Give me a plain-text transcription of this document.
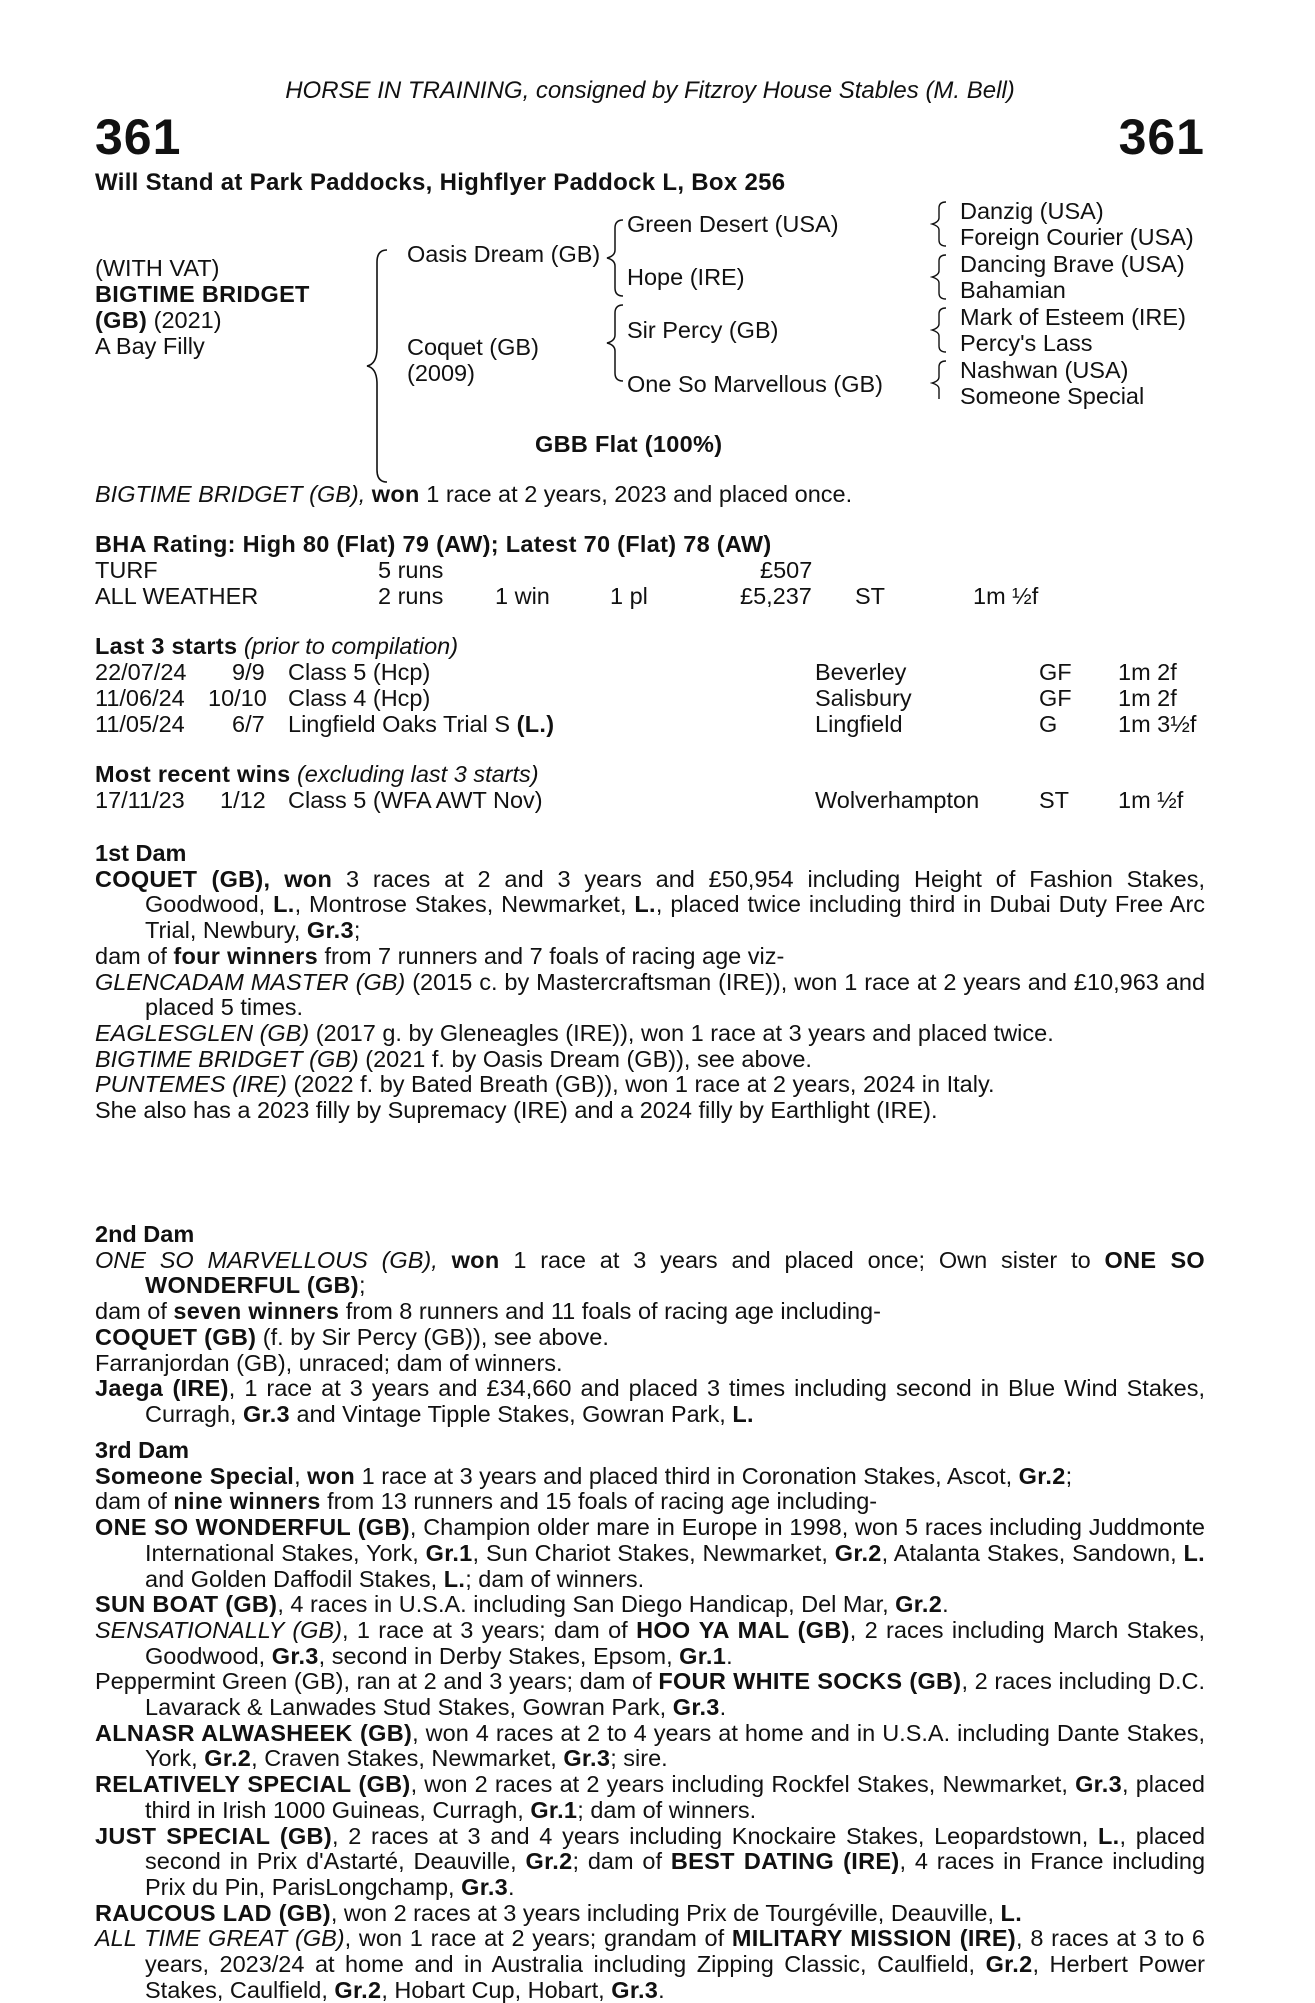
HORSE IN TRAINING, consigned by Fitzroy House Stables (M. Bell)
361	361
Will Stand at Park Paddocks, Highflyer Paddock L, Box 256
(WITH VAT)
BIGTIME BRIDGET
(GB) (2021)
A Bay Filly
Oasis Dream (GB)
Coquet (GB)
(2009)
Green Desert (USA)
Hope (IRE)
Sir Percy (GB)
One So Marvellous (GB)
Danzig (USA)
Foreign Courier (USA)
Dancing Brave (USA)
Bahamian
Mark of Esteem (IRE)
Percy's Lass
Nashwan (USA)
Someone Special
GBB Flat (100%)
BIGTIME BRIDGET (GB), won 1 race at 2 years, 2023 and placed once.
BHA Rating: High 80 (Flat) 79 (AW); Latest 70 (Flat) 78 (AW)
TURF	5 runs	£507
ALL WEATHER	2 runs 1 win	1 pl	£5,237 ST	1m ½f
Last 3 starts (prior to compilation)
22/07/24 9/9 Class 5 (Hcp)	Beverley	GF 1m 2f
11/06/24 10/10 Class 4 (Hcp)	Salisbury	GF 1m 2f
11/05/24 6/7 Lingfield Oaks Trial S (L.)	Lingfield	G	1m 3½f
Most recent wins (excluding last 3 starts)
17/11/23 1/12 Class 5 (WFA AWT Nov)	Wolverhampton	ST 1m ½f

1st Dam

COQUET (GB), won 3 races at 2 and 3 years and £50,954 including Height of Fashion Stakes, Goodwood, L., Montrose Stakes, Newmarket, L., placed twice including third in Dubai Duty Free Arc Trial, Newbury, Gr.3;

dam of four winners from 7 runners and 7 foals of racing age viz-

GLENCADAM MASTER (GB) (2015 c. by Mastercraftsman (IRE)), won 1 race at 2 years and £10,963 and placed 5 times.

EAGLESGLEN (GB) (2017 g. by Gleneagles (IRE)), won 1 race at 3 years and placed twice.

BIGTIME BRIDGET (GB) (2021 f. by Oasis Dream (GB)), see above.

PUNTEMES (IRE) (2022 f. by Bated Breath (GB)), won 1 race at 2 years, 2024 in Italy.

She also has a 2023 filly by Supremacy (IRE) and a 2024 filly by Earthlight (IRE).

2nd Dam

ONE SO MARVELLOUS (GB), won 1 race at 3 years and placed once; Own sister to ONE SO WONDERFUL (GB);

dam of seven winners from 8 runners and 11 foals of racing age including-

COQUET (GB) (f. by Sir Percy (GB)), see above.

Farranjordan (GB), unraced; dam of winners.

Jaega (IRE), 1 race at 3 years and £34,660 and placed 3 times including second in Blue Wind Stakes, Curragh, Gr.3 and Vintage Tipple Stakes, Gowran Park, L.

3rd Dam

Someone Special, won 1 race at 3 years and placed third in Coronation Stakes, Ascot, Gr.2;

dam of nine winners from 13 runners and 15 foals of racing age including-

ONE SO WONDERFUL (GB), Champion older mare in Europe in 1998, won 5 races including Juddmonte International Stakes, York, Gr.1, Sun Chariot Stakes, Newmarket, Gr.2, Atalanta Stakes, Sandown, L. and Golden Daffodil Stakes, L.; dam of winners.

SUN BOAT (GB), 4 races in U.S.A. including San Diego Handicap, Del Mar, Gr.2.

SENSATIONALLY (GB), 1 race at 3 years; dam of HOO YA MAL (GB), 2 races including March Stakes, Goodwood, Gr.3, second in Derby Stakes, Epsom, Gr.1.

Peppermint Green (GB), ran at 2 and 3 years; dam of FOUR WHITE SOCKS (GB), 2 races including D.C. Lavarack & Lanwades Stud Stakes, Gowran Park, Gr.3.

ALNASR ALWASHEEK (GB), won 4 races at 2 to 4 years at home and in U.S.A. including Dante Stakes, York, Gr.2, Craven Stakes, Newmarket, Gr.3; sire.

RELATIVELY SPECIAL (GB), won 2 races at 2 years including Rockfel Stakes, Newmarket, Gr.3, placed third in Irish 1000 Guineas, Curragh, Gr.1; dam of winners.

JUST SPECIAL (GB), 2 races at 3 and 4 years including Knockaire Stakes, Leopardstown, L., placed second in Prix d'Astarté, Deauville, Gr.2; dam of BEST DATING (IRE), 4 races in France including Prix du Pin, ParisLongchamp, Gr.3.

RAUCOUS LAD (GB), won 2 races at 3 years including Prix de Tourgéville, Deauville, L.

ALL TIME GREAT (GB), won 1 race at 2 years; grandam of MILITARY MISSION (IRE), 8 races at 3 to 6 years, 2023/24 at home and in Australia including Zipping Classic, Caulfield, Gr.2, Herbert Power Stakes, Caulfield, Gr.2, Hobart Cup, Hobart, Gr.3.
